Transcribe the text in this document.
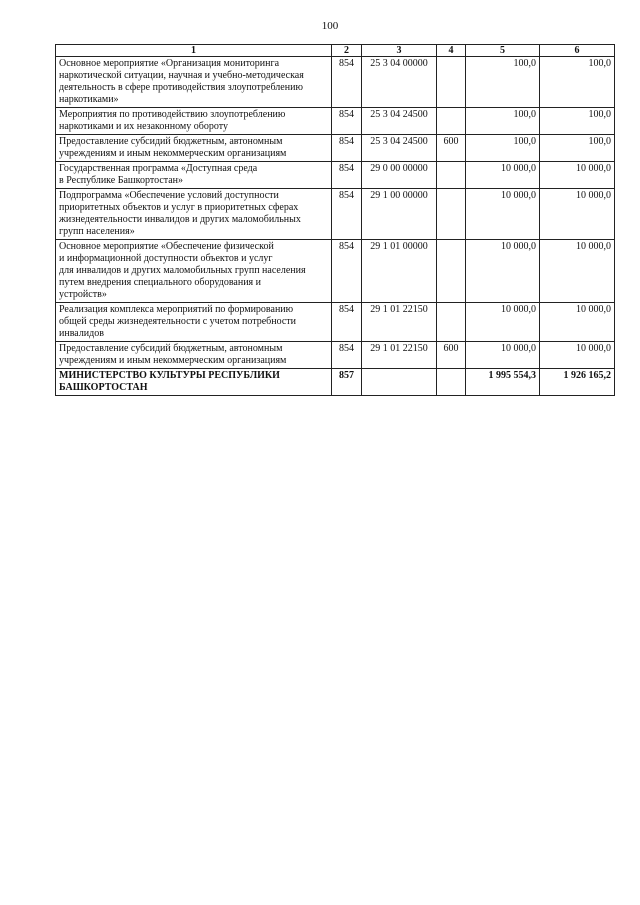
100
1	2	3	4	5	6
Основное мероприятие «Организация мониторинга
наркотической ситуации, научная и учебно-методическая
деятельность в сфере противодействия злоупотреблению
наркотиками»	854	25 3 04 00000		100,0	100,0
Мероприятия по противодействию злоупотреблению
наркотиками и их незаконному обороту	854	25 3 04 24500		100,0	100,0
Предоставление субсидий бюджетным, автономным
учреждениям и иным некоммерческим организациям	854	25 3 04 24500	600	100,0	100,0
Государственная программа «Доступная среда
в Республике Башкортостан»	854	29 0 00 00000		10 000,0	10 000,0
Подпрограмма «Обеспечение условий доступности
приоритетных объектов и услуг в приоритетных сферах
жизнедеятельности инвалидов и других маломобильных
групп населения»	854	29 1 00 00000		10 000,0	10 000,0
Основное мероприятие «Обеспечение физической
и информационной доступности объектов и услуг
для инвалидов и других маломобильных групп населения
путем внедрения специального оборудования и
устройств»	854	29 1 01 00000		10 000,0	10 000,0
Реализация комплекса мероприятий по формированию
общей среды жизнедеятельности с учетом потребности
инвалидов	854	29 1 01 22150		10 000,0	10 000,0
Предоставление субсидий бюджетным, автономным
учреждениям и иным некоммерческим организациям	854	29 1 01 22150	600	10 000,0	10 000,0
МИНИСТЕРСТВО КУЛЬТУРЫ РЕСПУБЛИКИ
БАШКОРТОСТАН	857			1 995 554,3	1 926 165,2
